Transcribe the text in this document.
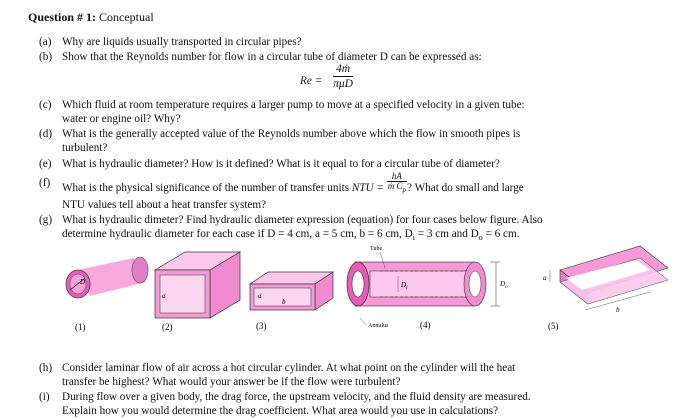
Question # 1: Conceptual
(a) Why are liquids usually transported in circular pipes?
(b) Show that the Reynolds number for flow in a circular tube of diameter D can be expressed as:
Re =
4ṁ
πμD
(c) Which fluid at room temperature requires a larger pump to move at a specified velocity in a given tube:
water or engine oil? Why?
(d) What is the generally accepted value of the Reynolds number above which the flow in smooth pipes is
turbulent?
(e) What is hydraulic diameter? How is it defined? What is it equal to for a circular tube of diameter?
(f) What is the physical significance of the number of transfer units NTU = $\frac{hA}{ṁ C_p}$ ? What do small and large
NTU values tell about a heat transfer system?
(g) What is hydraulic dimeter? Find hydraulic diameter expression (equation) for four cases below figure. Also
determine hydraulic diameter for each case if D = 4 cm, a = 5 cm, b = 6 cm, $D_i = 3$ cm and $D_o = 6$ cm.
D
a	a
b
$D_o$
$D_i$
Tube
Annulus
a
b
(1)	(2)	(3)	(4)	(5)
(h) Consider laminar flow of air across a hot circular cylinder. At what point on the cylinder will the heat
transfer be highest? What would your answer be if the flow were turbulent?
(i) During flow over a given body, the drag force, the upstream velocity, and the fluid density are measured.
Explain how you would determine the drag coefficient. What area would you use in calculations?
